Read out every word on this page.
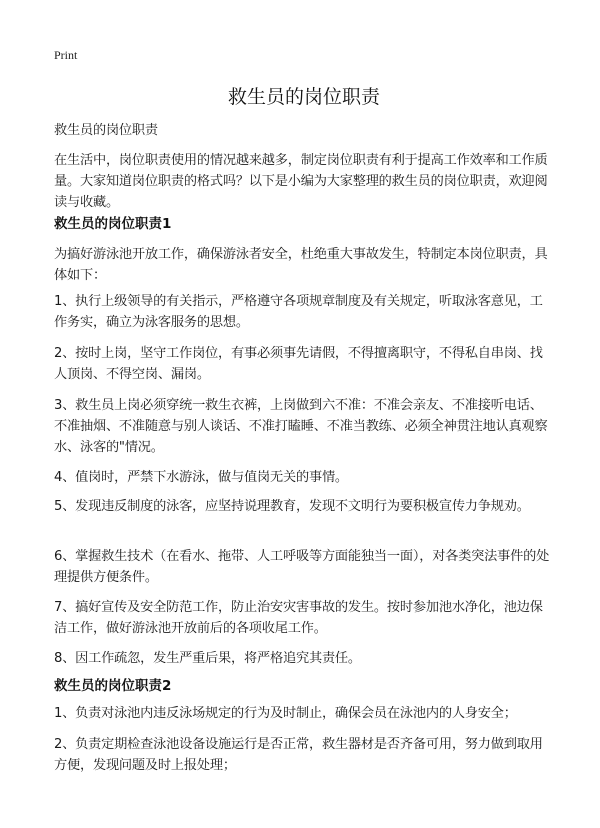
Print
救生员的岗位职责

救生员的岗位职责

在生活中，岗位职责使用的情况越来越多，制定岗位职责有利于提高工作效率和工作质量。大家知道岗位职责的格式吗？以下是小编为大家整理的救生员的岗位职责，欢迎阅读与收藏。

救生员的岗位职责1

为搞好游泳池开放工作，确保游泳者安全，杜绝重大事故发生，特制定本岗位职责，具体如下：

1、执行上级领导的有关指示，严格遵守各项规章制度及有关规定，听取泳客意见，工作务实，确立为泳客服务的思想。

2、按时上岗，坚守工作岗位，有事必须事先请假，不得擅离职守，不得私自串岗、找人顶岗、不得空岗、漏岗。

3、救生员上岗必须穿统一救生衣裤，上岗做到六不准：不准会亲友、不准接听电话、不准抽烟、不准随意与别人谈话、不准打瞌睡、不准当教练、必须全神贯注地认真观察水、泳客的"情况。

4、值岗时，严禁下水游泳，做与值岗无关的事情。

5、发现违反制度的泳客，应坚持说理教育，发现不文明行为要积极宣传力争规劝。

6、掌握救生技术（在看水、拖带、人工呼吸等方面能独当一面），对各类突法事件的处理提供方便条件。

7、搞好宣传及安全防范工作，防止治安灾害事故的发生。按时参加池水净化，池边保洁工作，做好游泳池开放前后的各项收尾工作。

8、因工作疏忽，发生严重后果，将严格追究其责任。

救生员的岗位职责2

1、负责对泳池内违反泳场规定的行为及时制止，确保会员在泳池内的人身安全；

2、负责定期检查泳池设备设施运行是否正常，救生器材是否齐备可用，努力做到取用方便，发现问题及时上报处理；
